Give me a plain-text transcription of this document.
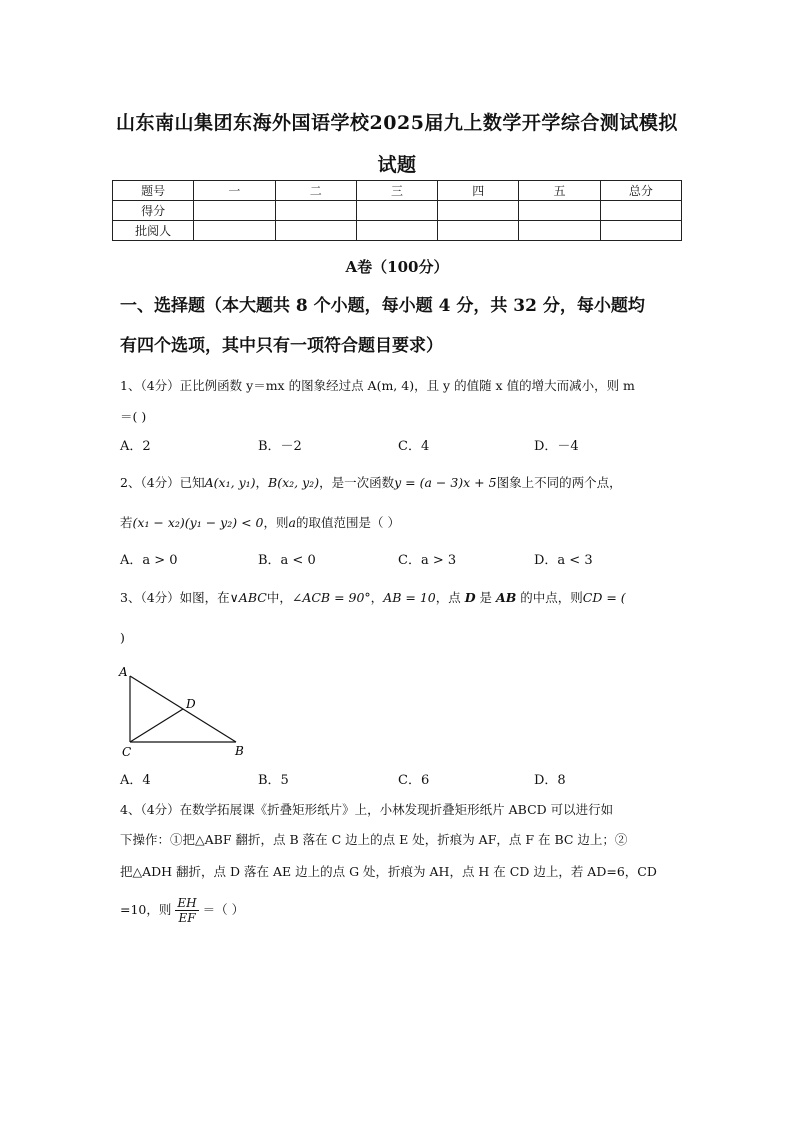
山东南山集团东海外国语学校2025届九上数学开学综合测试模拟
试题
题号	一	二	三	四	五	总分
得分						
批阅人						
A卷（100分）
一、选择题（本大题共 8 个小题，每小题 4 分，共 32 分，每小题均
有四个选项，其中只有一项符合题目要求）
1、（4分）正比例函数 y＝mx 的图象经过点 A(m, 4)，且 y 的值随 x 值的增大而减小，则 m
＝( )
A．2	B．－2	C．4	D．－4
2、（4分）已知A(x₁, y₁)，B(x₂, y₂)，是一次函数y = (a − 3)x + 5图象上不同的两个点，
若(x₁ − x₂)(y₁ − y₂) < 0，则a的取值范围是（ ）
A．a > 0	B．a < 0	C．a > 3	D．a < 3
3、（4分）如图，在∨ABC中，∠ACB = 90°，AB = 10，点 D 是 AB 的中点，则CD = (
)
A
D
C	B
A．4	B．5	C．6	D．8
4、（4分）在数学拓展课《折叠矩形纸片》上，小林发现折叠矩形纸片 ABCD 可以进行如
下操作：①把△ABF 翻折，点 B 落在 C 边上的点 E 处，折痕为 AF，点 F 在 BC 边上；②
把△ADH 翻折，点 D 落在 AE 边上的点 G 处，折痕为 AH，点 H 在 CD 边上，若 AD=6，CD
=10，则 $\frac{EH}{EF}$ ＝（ ）
